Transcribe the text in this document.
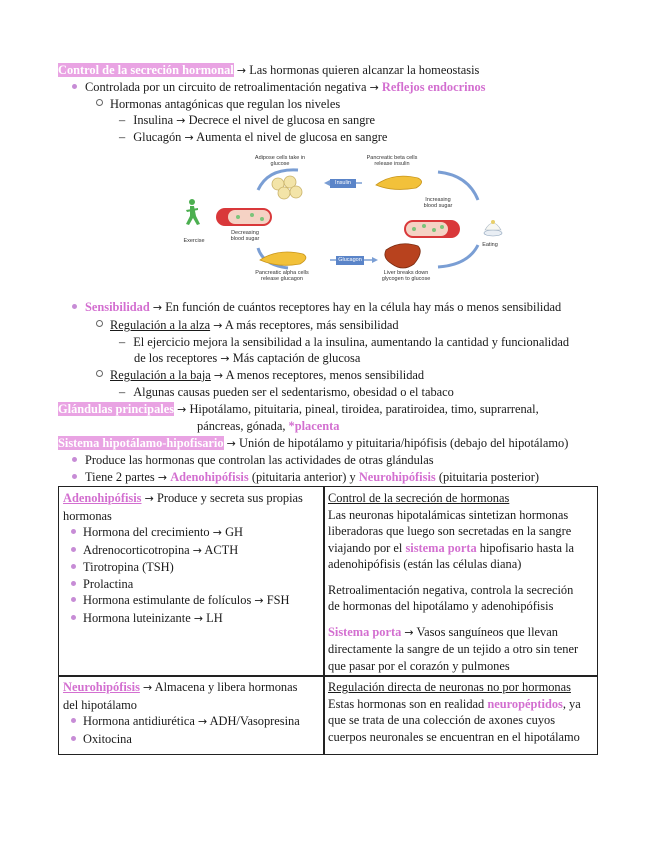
Control de la secreción hormonal → Las hormonas quieren alcanzar la homeostasis
Controlada por un circuito de retroalimentación negativa → Reflejos endocrinos
Hormonas antagónicas que regulan los niveles
– Insulina → Decrece el nivel de glucosa en sangre
– Glucagón → Aumenta el nivel de glucosa en sangre
Adipose cells take in glucose
Pancreatic beta cells release insulin
Insulin
Increasing blood sugar
Eating
Exercise
Decreasing blood sugar
Pancreatic alpha cells release glucagon
Glucagon
Liver breaks down glycogen to glucose
Sensibilidad → En función de cuántos receptores hay en la célula hay más o menos sensibilidad
Regulación a la alza → A más receptores, más sensibilidad
– El ejercicio mejora la sensibilidad a la insulina, aumentando la cantidad y funcionalidad
de los receptores → Más captación de glucosa
Regulación a la baja → A menos receptores, menos sensibilidad
– Algunas causas pueden ser el sedentarismo, obesidad o el tabaco
Glándulas principales → Hipotálamo, pituitaria, pineal, tiroidea, paratiroidea, timo, suprarrenal,
páncreas, gónada, *placenta
Sistema hipotálamo-hipofisario → Unión de hipotálamo y pituitaria/hipófisis (debajo del hipotálamo)
Produce las hormonas que controlan las actividades de otras glándulas
Tiene 2 partes → Adenohipófisis (pituitaria anterior) y Neurohipófisis (pituitaria posterior)
Adenohipófisis → Produce y secreta sus propias
hormonas
Hormona del crecimiento → GH
Adrenocorticotropina → ACTH
Tirotropina (TSH)
Prolactina
Hormona estimulante de folículos → FSH
Hormona luteinizante → LH
Control de la secreción de hormonas
Las neuronas hipotalámicas sintetizan hormonas
liberadoras que luego son secretadas en la sangre
viajando por el sistema porta hipofisario hasta la
adenohipófisis (están las células diana)
Retroalimentación negativa, controla la secreción
de hormonas del hipotálamo y adenohipófisis
Sistema porta → Vasos sanguíneos que llevan
directamente la sangre de un tejido a otro sin tener
que pasar por el corazón y pulmones
Neurohipófisis → Almacena y libera hormonas
del hipotálamo
Hormona antidiurética → ADH/Vasopresina
Oxitocina
Regulación directa de neuronas no por hormonas
Estas hormonas son en realidad neuropéptidos, ya
que se trata de una colección de axones cuyos
cuerpos neuronales se encuentran en el hipotálamo
